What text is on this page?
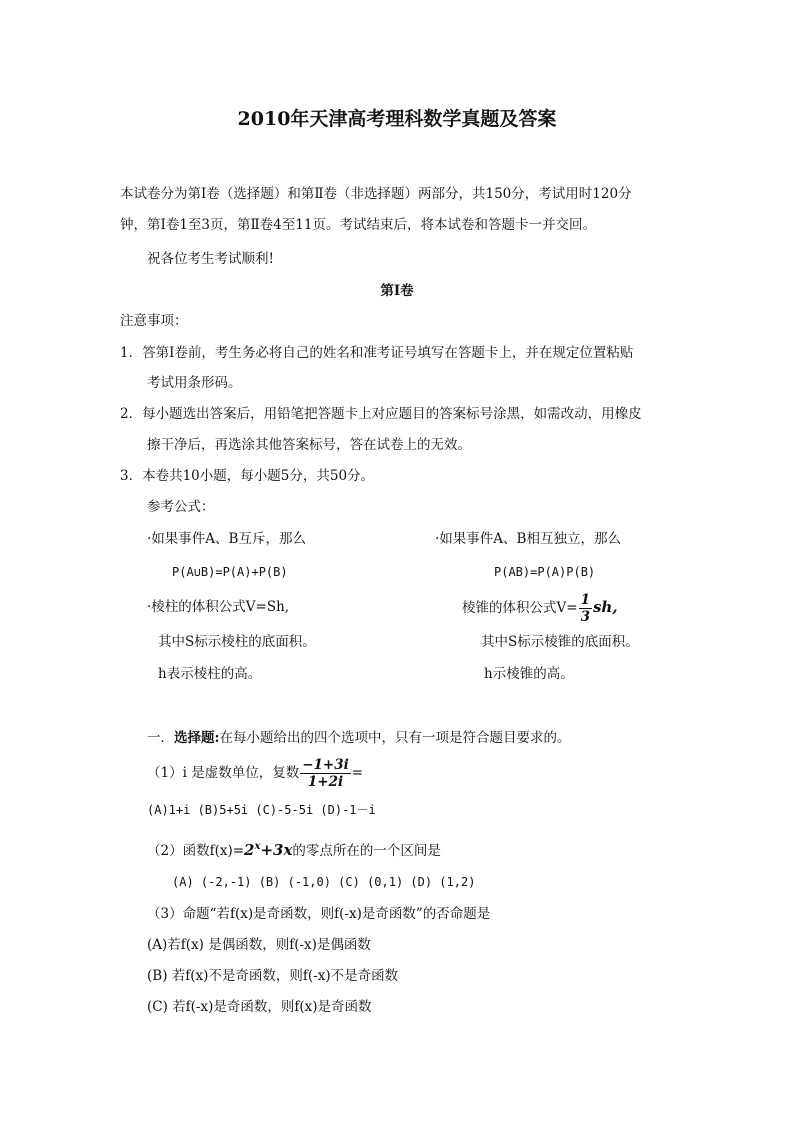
2010年天津高考理科数学真题及答案
本试卷分为第Ⅰ卷（选择题）和第Ⅱ卷（非选择题）两部分，共150分，考试用时120分
钟，第Ⅰ卷1至3页，第Ⅱ卷4至11页。考试结束后，将本试卷和答题卡一并交回。
祝各位考生考试顺利!
第Ⅰ卷
注意事项：
1．答第Ⅰ卷前，考生务必将自己的姓名和准考证号填写在答题卡上，并在规定位置粘贴
考试用条形码。
2．每小题选出答案后，用铅笔把答题卡上对应题目的答案标号涂黑，如需改动，用橡皮
擦干净后，再选涂其他答案标号，答在试卷上的无效。
3．本卷共10小题，每小题5分，共50分。
参考公式：
·如果事件A、B互斥，那么
P(A∪B)=P(A)+P(B)
·棱柱的体积公式V=Sh,
其中S标示棱柱的底面积。
h表示棱柱的高。
·如果事件A、B相互独立，那么
P(AB)=P(A)P(B)
棱锥的体积公式$V= \frac{1}{3}$ sh,
其中S标示棱锥的底面积。
h示棱锥的高。
一．选择题:在每小题给出的四个选项中，只有一项是符合题目要求的。
（1）i 是虚数单位，复数 $\frac{-1+3i}{1+2i}$ =
(A)1+i (B)5+5i (C)-5-5i (D)-1－i
（2）函数$f(x)=2^x+3x$的零点所在的一个区间是
(A) (-2,-1) (B) (-1,0) (C) (0,1) (D) (1,2)
（3）命题“若f(x)是奇函数，则f(-x)是奇函数”的否命题是
(A)若f(x) 是偶函数，则f(-x)是偶函数
(B) 若f(x)不是奇函数，则f(-x)不是奇函数
(C) 若f(-x)是奇函数，则f(x)是奇函数
